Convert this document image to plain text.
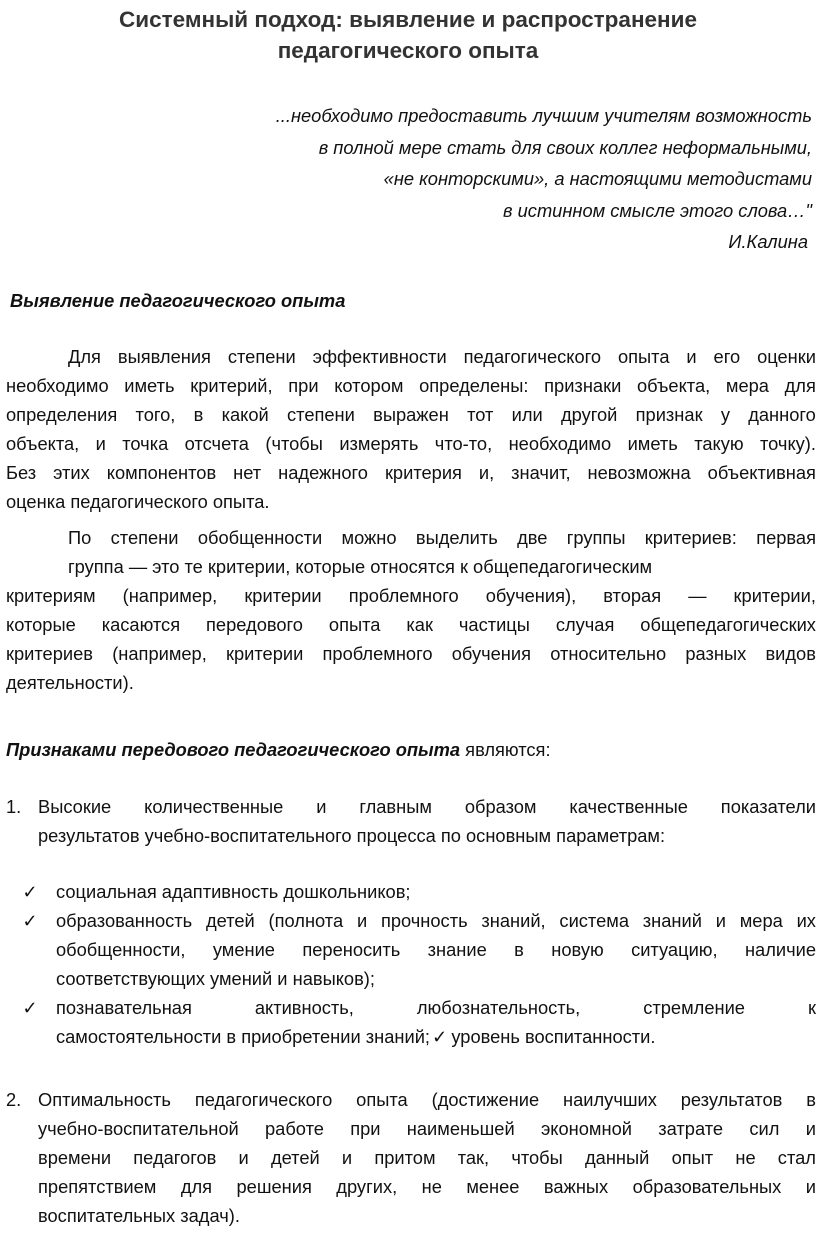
Системный подход: выявление и распространение
педагогического опыта
...необходимо предоставить лучшим учителям возможность
в полной мере стать для своих коллег неформальными,
«не конторскими», а настоящими методистами
в истинном смысле этого слова…"
И.Калина
Выявление педагогического опыта
Для выявления степени эффективности педагогического опыта и его оценки
необходимо иметь критерий, при котором определены: признаки объекта, мера для
определения того, в какой степени выражен тот или другой признак у данного
объекта, и точка отсчета (чтобы измерять что-то, необходимо иметь такую точку).
Без этих компонентов нет надежного критерия и, значит, невозможна объективная
оценка педагогического опыта.
По степени обобщенности можно выделить две группы критериев: первая
группа — это те критерии, которые относятся к общепедагогическим
критериям (например, критерии проблемного обучения), вторая — критерии,
которые касаются передового опыта как частицы случая общепедагогических
критериев (например, критерии проблемного обучения относительно разных видов
деятельности).
Признаками передового педагогического опыта являются:
1. Высокие количественные и главным образом качественные показатели
результатов учебно-воспитательного процесса по основным параметрам:
✓ социальная адаптивность дошкольников;
✓ образованность детей (полнота и прочность знаний, система знаний и мера их
обобщенности, умение переносить знание в новую ситуацию, наличие
соответствующих умений и навыков);
✓ познавательная	активность,	любознательность,	стремление	к
самостоятельности в приобретении знаний; ✓ уровень воспитанности.
2. Оптимальность педагогического опыта (достижение наилучших результатов в
учебно-воспитательной работе при наименьшей экономной затрате сил и
времени педагогов и детей и притом так, чтобы данный опыт не стал
препятствием для решения других, не менее важных образовательных и
воспитательных задач).
